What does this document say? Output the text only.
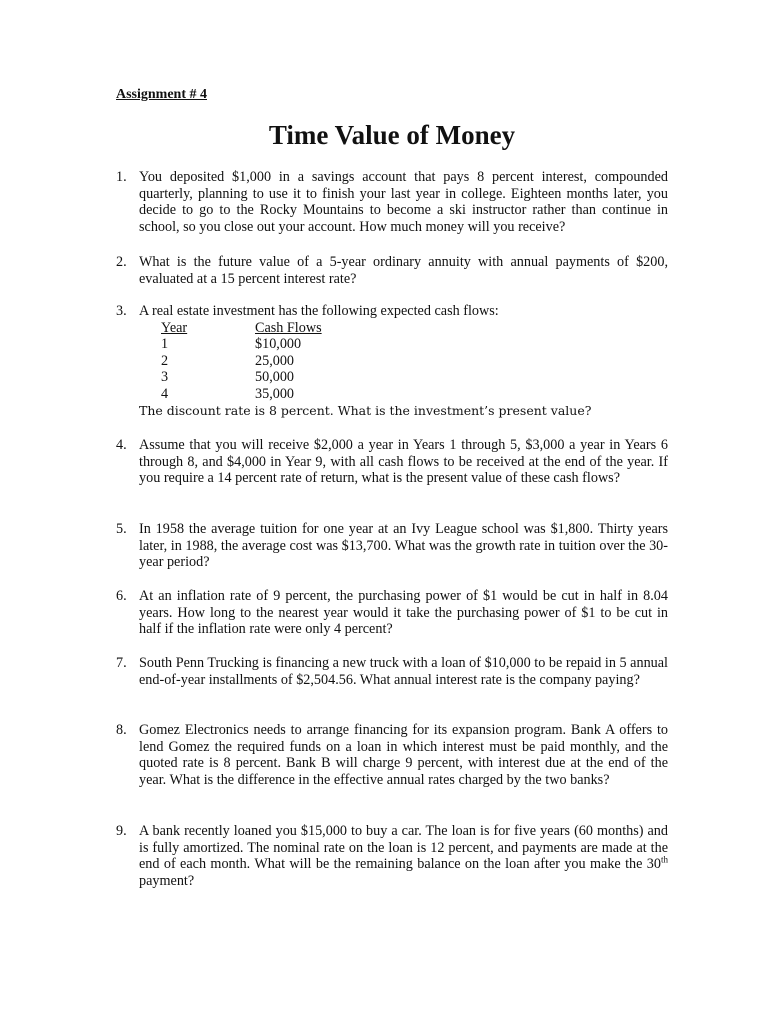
Assignment # 4
Time Value of Money
1. You deposited $1,000 in a savings account that pays 8 percent interest, compounded quarterly, planning to use it to finish your last year in college. Eighteen months later, you decide to go to the Rocky Mountains to become a ski instructor rather than continue in school, so you close out your account. How much money will you receive?
2. What is the future value of a 5-year ordinary annuity with annual payments of $200, evaluated at a 15 percent interest rate?
3. A real estate investment has the following expected cash flows:
Year	Cash Flows
1	$10,000
2	25,000
3	50,000
4	35,000
The discount rate is 8 percent. What is the investment’s present value?
4. Assume that you will receive $2,000 a year in Years 1 through 5, $3,000 a year in Years 6 through 8, and $4,000 in Year 9, with all cash flows to be received at the end of the year. If you require a 14 percent rate of return, what is the present value of these cash flows?
5. In 1958 the average tuition for one year at an Ivy League school was $1,800. Thirty years later, in 1988, the average cost was $13,700. What was the growth rate in tuition over the 30-year period?
6. At an inflation rate of 9 percent, the purchasing power of $1 would be cut in half in 8.04 years. How long to the nearest year would it take the purchasing power of $1 to be cut in half if the inflation rate were only 4 percent?
7. South Penn Trucking is financing a new truck with a loan of $10,000 to be repaid in 5 annual end-of-year installments of $2,504.56. What annual interest rate is the company paying?
8. Gomez Electronics needs to arrange financing for its expansion program. Bank A offers to lend Gomez the required funds on a loan in which interest must be paid monthly, and the quoted rate is 8 percent. Bank B will charge 9 percent, with interest due at the end of the year. What is the difference in the effective annual rates charged by the two banks?
9. A bank recently loaned you $15,000 to buy a car. The loan is for five years (60 months) and is fully amortized. The nominal rate on the loan is 12 percent, and payments are made at the end of each month. What will be the remaining balance on the loan after you make the 30th payment?
